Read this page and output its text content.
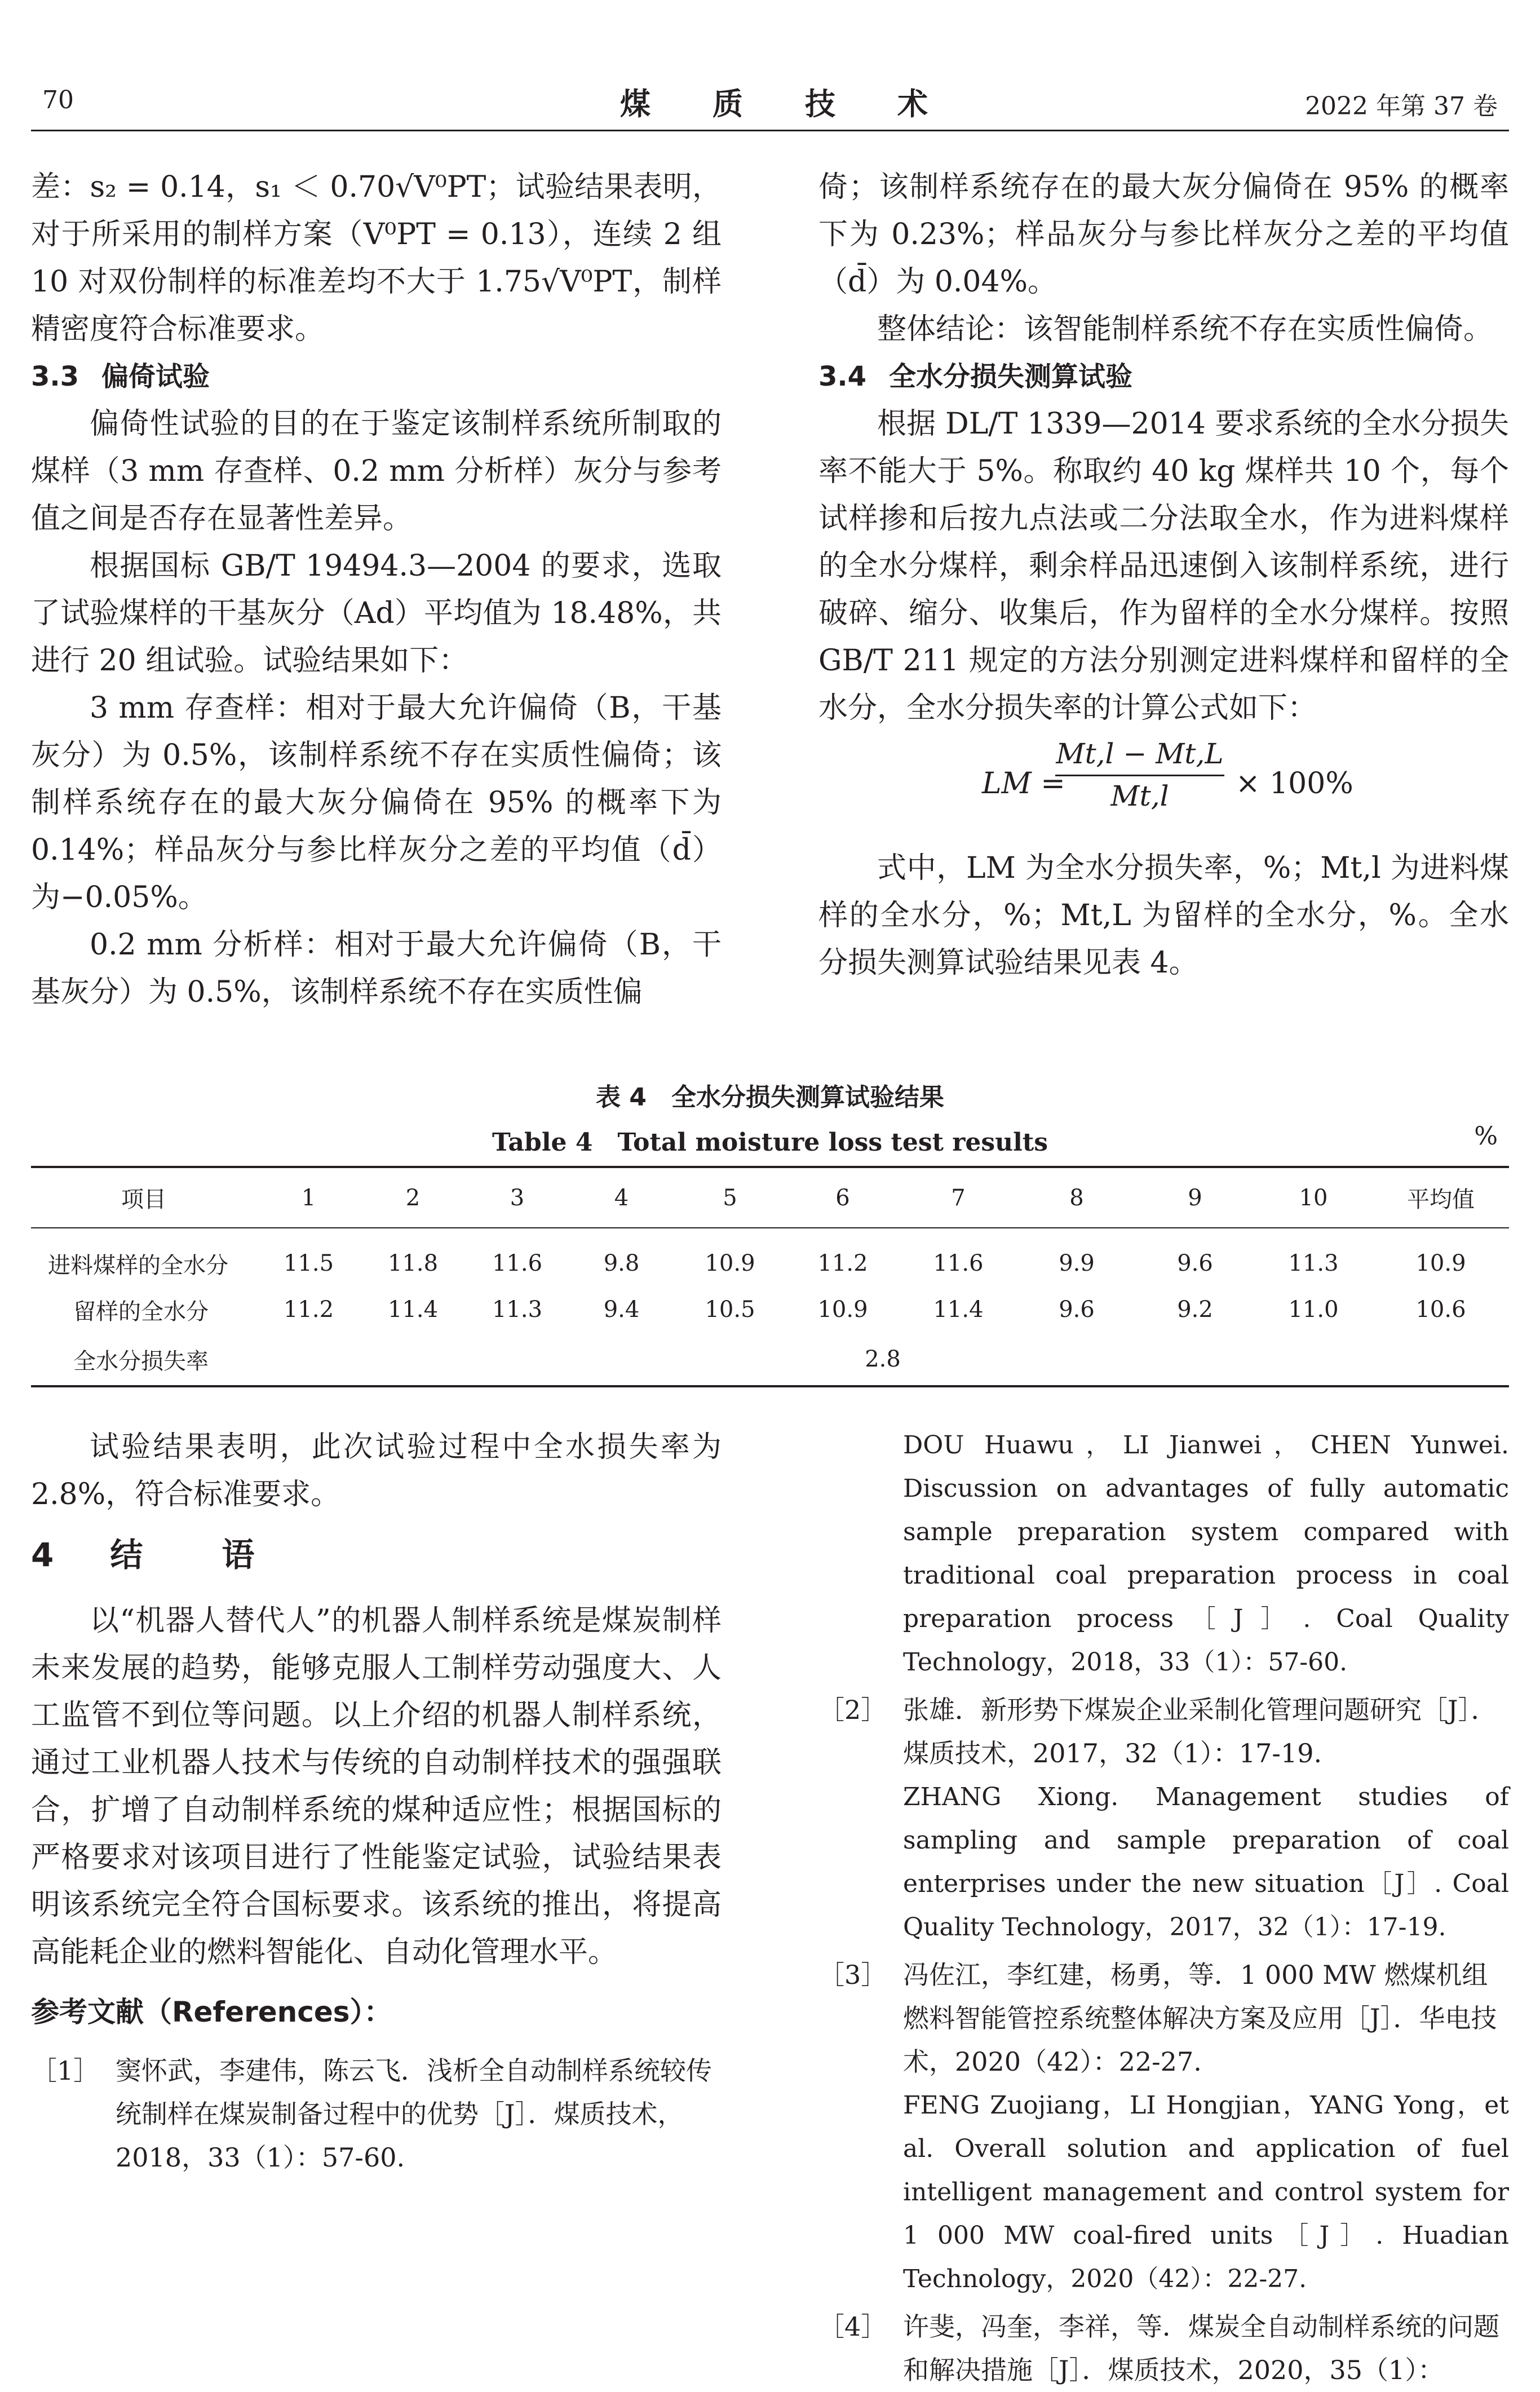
70	煤质技术	2022 年第 37 卷

差：s₂ = 0.14，s₁ ＜ 0.70√V⁰PT；试验结果表明，对于所采用的制样方案（V⁰PT = 0.13），连续 2 组 10 对双份制样的标准差均不大于 1.75√V⁰PT，制样精密度符合标准要求。

3.3 偏倚试验

偏倚性试验的目的在于鉴定该制样系统所制取的煤样（3 mm 存查样、0.2 mm 分析样）灰分与参考值之间是否存在显著性差异。

根据国标 GB/T 19494.3—2004 的要求，选取了试验煤样的干基灰分（Ad）平均值为 18.48%，共进行 20 组试验。试验结果如下：

3 mm 存查样：相对于最大允许偏倚（B，干基灰分）为 0.5%，该制样系统不存在实质性偏倚；该制样系统存在的最大灰分偏倚在 95% 的概率下为 0.14%；样品灰分与参比样灰分之差的平均值（d̄）为−0.05%。

0.2 mm 分析样：相对于最大允许偏倚（B，干基灰分）为 0.5%，该制样系统不存在实质性偏

倚；该制样系统存在的最大灰分偏倚在 95% 的概率下为 0.23%；样品灰分与参比样灰分之差的平均值（d̄）为 0.04%。

整体结论：该智能制样系统不存在实质性偏倚。

3.4 全水分损失测算试验

根据 DL/T 1339—2014 要求系统的全水分损失率不能大于 5%。称取约 40 kg 煤样共 10 个，每个试样掺和后按九点法或二分法取全水，作为进料煤样的全水分煤样，剩余样品迅速倒入该制样系统，进行破碎、缩分、收集后，作为留样的全水分煤样。按照 GB/T 211 规定的方法分别测定进料煤样和留样的全水分，全水分损失率的计算公式如下：

LM =
Mt,l − Mt,L
Mt,l	× 100%

式中，LM 为全水分损失率，%；Mt,l 为进料煤样的全水分，%；Mt,L 为留样的全水分，%。全水分损失测算试验结果见表 4。

表 4　全水分损失测算试验结果
Table 4　Total moisture loss test results	%
项目	1	2	3	4	5	6	7	8	9	10	平均值
进料煤样的全水分	11.5	11.8	11.6	9.8	10.9	11.2	11.6	9.9	9.6	11.3	10.9
留样的全水分	11.2	11.4	11.3	9.4	10.5	10.9	11.4	9.6	9.2	11.0	10.6
全水分损失率	2.8										

试验结果表明，此次试验过程中全水损失率为 2.8%，符合标准要求。

4 结语

以“机器人替代人”的机器人制样系统是煤炭制样未来发展的趋势，能够克服人工制样劳动强度大、人工监管不到位等问题。以上介绍的机器人制样系统，通过工业机器人技术与传统的自动制样技术的强强联合，扩增了自动制样系统的煤种适应性；根据国标的严格要求对该项目进行了性能鉴定试验，试验结果表明该系统完全符合国标要求。该系统的推出，将提高高能耗企业的燃料智能化、自动化管理水平。

参考文献（References）：

［1］ 窦怀武，李建伟，陈云飞．浅析全自动制样系统较传统制样在煤炭制备过程中的优势［J］．煤质技术，2018，33（1）：57-60.

DOU Huawu，LI Jianwei，CHEN Yunwei. Discussion on advantages of fully automatic sample preparation system compared with traditional coal preparation process in coal preparation process［J］. Coal Quality Technology，2018，33（1）：57-60.

［2］ 张雄．新形势下煤炭企业采制化管理问题研究［J］．煤质技术，2017，32（1）：17-19.

ZHANG Xiong. Management studies of sampling and sample preparation of coal enterprises under the new situation［J］. Coal Quality Technology，2017，32（1）：17-19.

［3］ 冯佐江，李红建，杨勇，等．1 000 MW 燃煤机组燃料智能管控系统整体解决方案及应用［J］．华电技术，2020（42）：22-27.

FENG Zuojiang，LI Hongjian，YANG Yong，et al. Overall solution and application of fuel intelligent management and control system for 1 000 MW coal-fired units［J］. Huadian Technology，2020（42）：22-27.

［4］ 许斐，冯奎，李祥，等．煤炭全自动制样系统的问题和解决措施［J］．煤质技术，2020，35（1）：
